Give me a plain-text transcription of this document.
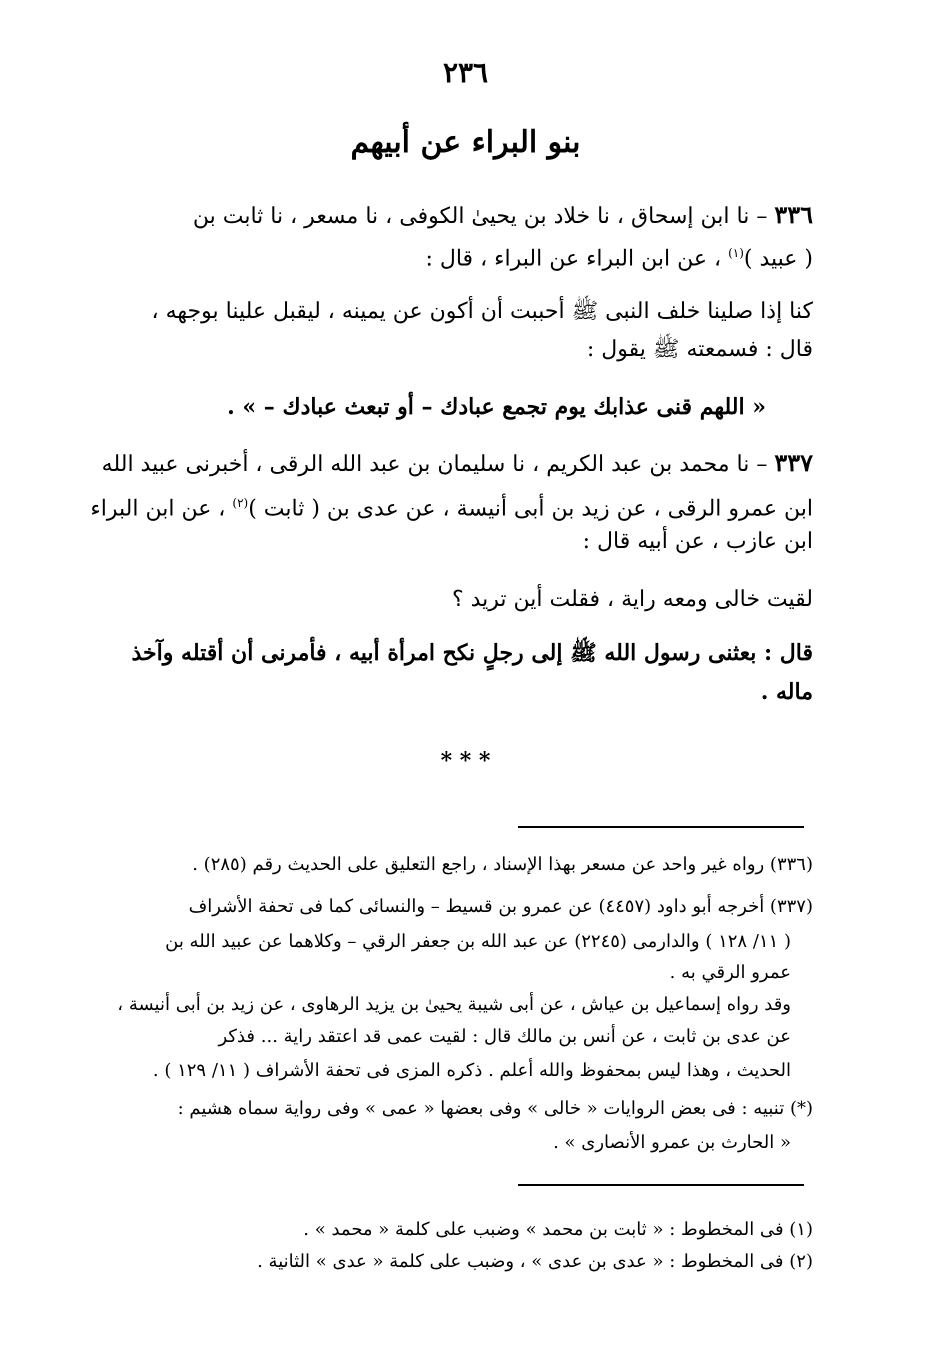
٢٣٦
بنو البراء عن أبيهم
٣٣٦ – نا ابن إسحاق ، نا خلاد بن يحيىٰ الكوفى ، نا مسعر ، نا ثابت بن
( عبيد )$^{(١)}$ ، عن ابن البراء عن البراء ، قال :
كنا إذا صلينا خلف النبى ﷺ أحببت أن أكون عن يمينه ، ليقبل علينا بوجهه ،
قال : فسمعته ﷺ يقول :
« اللهم قنى عذابك يوم تجمع عبادك – أو تبعث عبادك – » .
٣٣٧ – نا محمد بن عبد الكريم ، نا سليمان بن عبد الله الرقى ، أخبرنى عبيد الله
ابن عمرو الرقى ، عن زيد بن أبى أنيسة ، عن عدى بن ( ثابت )$^{(٢)}$ ، عن ابن البراء
ابن عازب ، عن أبيه قال :
لقيت خالى ومعه راية ، فقلت أين تريد ؟
قال : بعثنى رسول الله ﷺ إلى رجلٍ نكح امرأة أبيه ، فأمرنى أن أقتله وآخذ
ماله .
* * *
(٣٣٦) رواه غير واحد عن مسعر بهذا الإسناد ، راجع التعليق على الحديث رقم (٢٨٥) .
(٣٣٧) أخرجه أبو داود (٤٤٥٧) عن عمرو بن قسيط – والنسائى كما فى تحفة الأشراف
( ١١/ ١٢٨ ) والدارمى (٢٢٤٥) عن عبد الله بن جعفر الرقي – وكلاهما عن عبيد الله بن
عمرو الرقي به .
وقد رواه إسماعيل بن عياش ، عن أبى شيبة يحيىٰ بن يزيد الرهاوى ، عن زيد بن أبى أنيسة ،
عن عدى بن ثابت ، عن أنس بن مالك قال : لقيت عمى قد اعتقد راية ... فذكر
الحديث ، وهذا ليس بمحفوظ والله أعلم . ذكره المزى فى تحفة الأشراف ( ١١/ ١٢٩ ) .
(*) تنبيه : فى بعض الروايات « خالى » وفى بعضها « عمى » وفى رواية سماه هشيم :
« الحارث بن عمرو الأنصارى » .
(١) فى المخطوط : « ثابت بن محمد » وضبب على كلمة « محمد » .
(٢) فى المخطوط : « عدى بن عدى » ، وضبب على كلمة « عدى » الثانية .
